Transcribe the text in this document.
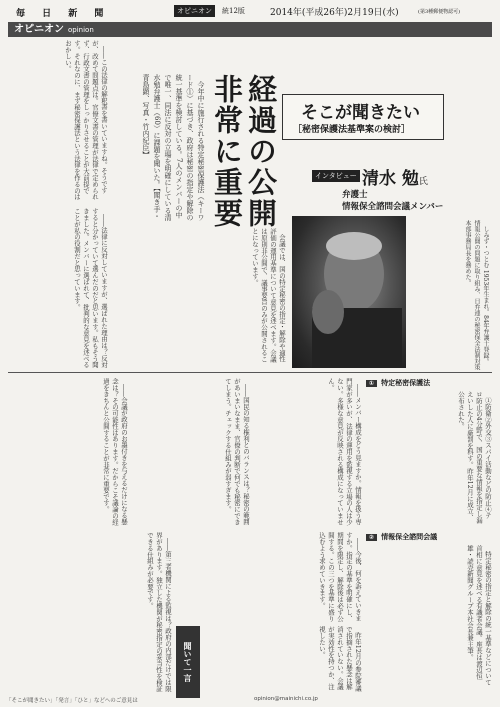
毎 日 新 聞	オピニオン	統12版	2014年(平成26年)2月19日(水)	(第3種郵便物認可)
オピニオン opinion
経過の公開
非常に重要	そこが聞きたい
［秘密保護法基準案の検討］
インタビュー 清水 勉氏
弁護士
情報保全諮問会議メンバー

しみず・つとむ 1953年生まれ。84年弁護士登録。情報公開の問題に取り組み、日弁連の秘密保全法制対策本部事務局長を務めた。

今年中に施行される特定秘密保護法（キーワード①）に基づき、政府は秘密の指定や解除の統一基準を検討している。7人のメンバーの中で唯一、同法に反対の立場を明確にしている清水勉弁護士（60）に課題を聞いた。【聞き手・青島顕、写真・竹内紀臣】

――この法律の解釈書を書いていますね。そうですが、改めて問題点は。官僚文書の管理が法律で定められず、行政文書の管理をしっかりさせることが大前提です。それなのに、まず秘密保護法という法律を作るのはおかしい。

――法律に反対していますが、選ばれた理由は？反対すると分かっていて選んだのだと思います。私もそう聞きました。メンバーに選ばれて、批判的な意見を述べることが私の役割だと思っています。	会議では、国の特定秘密の指定・解除や適性評価の運用基準について意見を述べます。会議は原則非公開で、議事要旨のみが公開されることになっています。

――会議が政府のお墨付きを与えるだけになる懸念は？その可能性はあります。だからこそ議論の経過をきちんと公開することが非常に重要です。	――国民の知る権利とのバランスは？秘密の範囲があいまいなまま、官僚の判断で何でも秘密にできてしまう。チェックする仕組みが弱すぎます。	――メンバー構成をどう見ますか。情報を扱う専門家が多いが、法律の運用を監視する立場の人は少ない。多様な意見が反映される構成になっていません。

――第三者機関による監視は？政府の内部だけでは限界があります。独立した機関が秘密指定の妥当性を検証できる仕組みが必要です。	――今後、何を訴えていきますか。指定の基準を明確にし、期間を限定し、解除後は必ず公開する。この三つを基準に盛り込むよう求めていきます。

① 特定秘密保護法

①防衛②外交③スパイ活動などの防止④テロ防止の4分野で、国の重要な情報を指定し漏えいした人に厳罰を科す。昨年12月に成立、公布された。

② 情報保全諮問会議

特定秘密の指定と解除の統一基準などについて首相に意見を述べる有識者会議。座長は渡辺恒雄・読売新聞グループ本社会長兼主筆。

聞いて一言	昨年12月の参院審議で指摘された懸念は解消されていない。会議が実効性を持つか、注視したい。

「そこが聞きたい」「発言」「ひと」などへのご意見は	opinion@mainichi.co.jp
